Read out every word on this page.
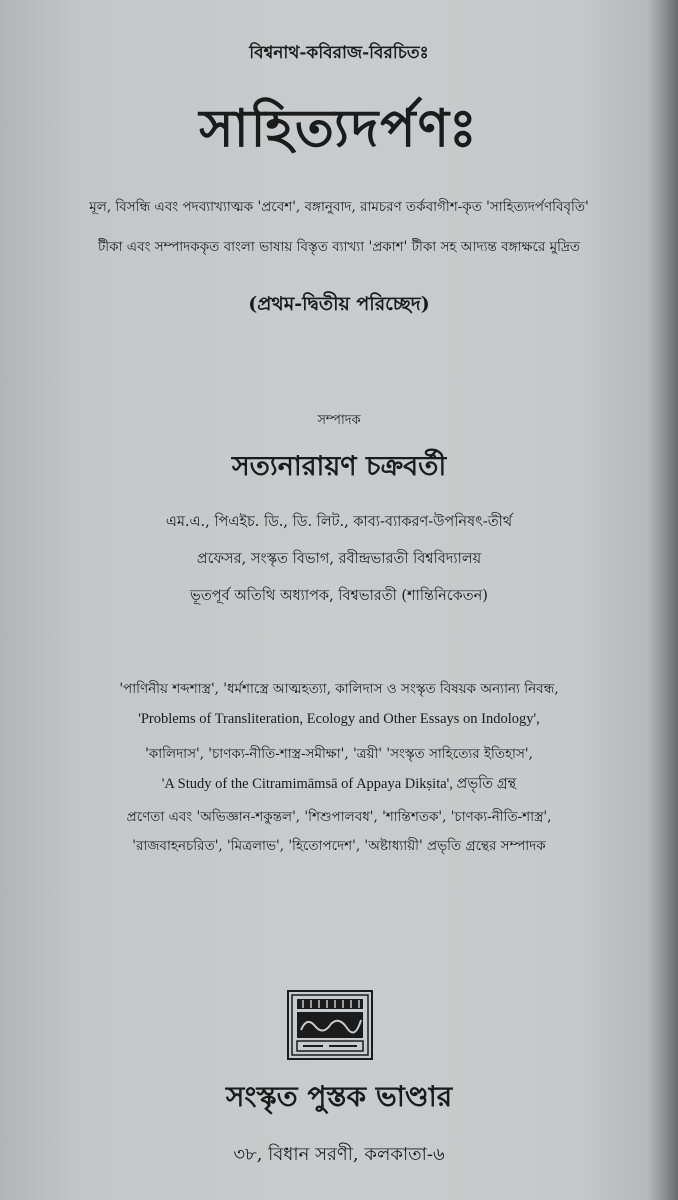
বিশ্বনাথ-কবিরাজ-বিরচিতঃ
সাহিত্যদর্পণঃ
মূল, বিসন্ধি এবং পদব্যাখ্যাত্মক 'প্রবেশ', বঙ্গানুবাদ, রামচরণ তর্কবাগীশ-কৃত 'সাহিত্যদর্পণবিবৃতি'
টীকা এবং সম্পাদককৃত বাংলা ভাষায় বিস্তৃত ব্যাখ্যা 'প্রকাশ' টীকা সহ আদ্যন্ত বঙ্গাক্ষরে মুদ্রিত
(প্রথম-দ্বিতীয় পরিচ্ছেদ)
সম্পাদক
সত্যনারায়ণ চক্রবর্তী
এম.এ., পিএইচ. ডি., ডি. লিট., কাব্য-ব্যাকরণ-উপনিষৎ-তীর্থ
প্রফেসর, সংস্কৃত বিভাগ, রবীন্দ্রভারতী বিশ্ববিদ্যালয়
ভূতপূর্ব অতিথি অধ্যাপক, বিশ্বভারতী (শান্তিনিকেতন)
'পাণিনীয় শব্দশাস্ত্র', 'ধর্মশাস্ত্রে আত্মহত্যা, কালিদাস ও সংস্কৃত বিষয়ক অন্যান্য নিবন্ধ,
'Problems of Transliteration, Ecology and Other Essays on Indology',
'কালিদাস', 'চাণক্য-নীতি-শাস্ত্র-সমীক্ষা', 'ত্রয়ী' 'সংস্কৃত সাহিত্যের ইতিহাস',
'A Study of the Citramimāmsā of Appaya Dikṣita', প্রভৃতি গ্রন্থ
প্রণেতা এবং 'অভিজ্ঞান-শকুন্তল', 'শিশুপালবধ', 'শান্তিশতক', 'চাণক্য-নীতি-শাস্ত্র',
'রাজবাহনচরিত', 'মিত্রলাভ', 'হিতোপদেশ', 'অষ্টাধ্যায়ী' প্রভৃতি গ্রন্থের সম্পাদক
সংস্কৃত পুস্তক ভাণ্ডার
৩৮, বিধান সরণী, কলকাতা-৬
